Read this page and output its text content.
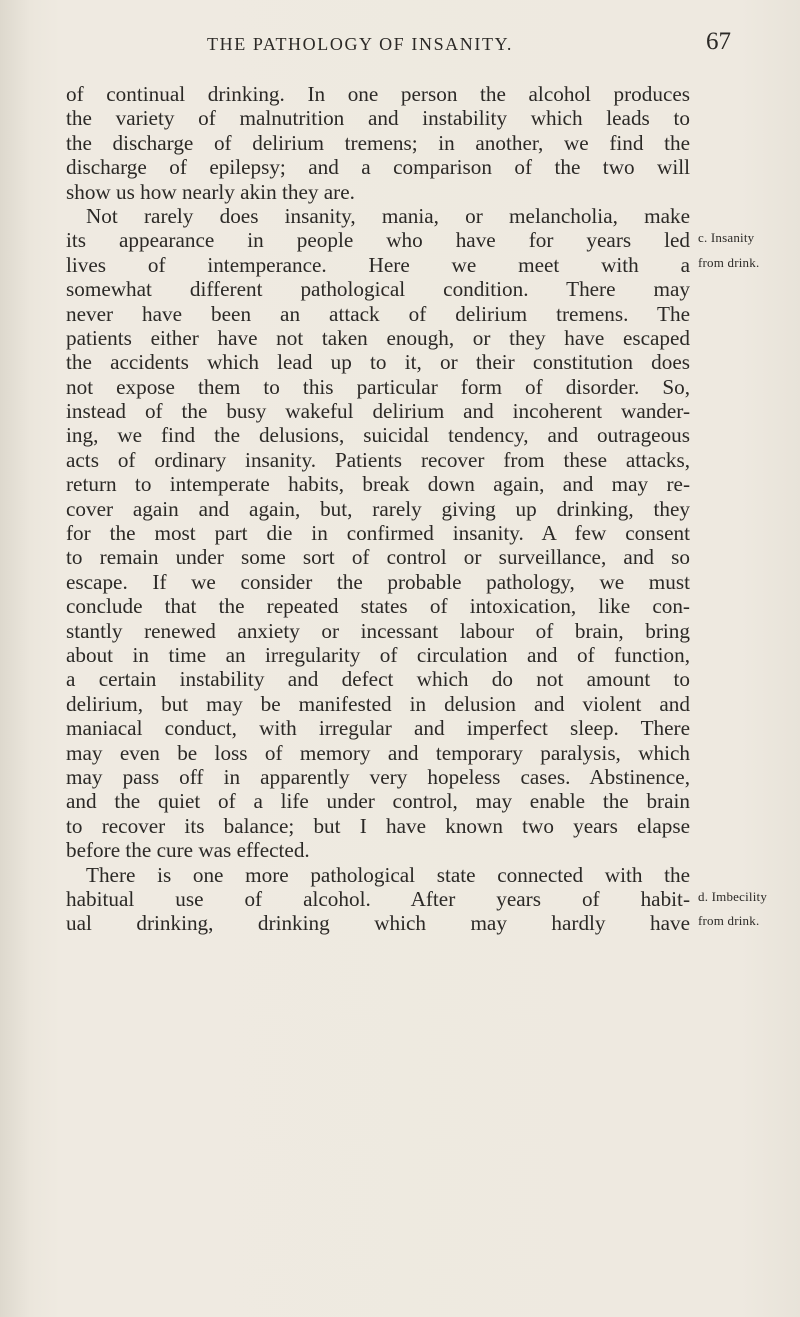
THE PATHOLOGY OF INSANITY.	67
of continual drinking. In one person the alcohol produces
the variety of malnutrition and instability which leads to
the discharge of delirium tremens; in another, we find the
discharge of epilepsy; and a comparison of the two will
show us how nearly akin they are.
Not rarely does insanity, mania, or melancholia, make
its appearance in people who have for years led c. Insanity
lives of intemperance. Here we meet with a from drink.
somewhat different pathological condition. There may
never have been an attack of delirium tremens. The
patients either have not taken enough, or they have escaped
the accidents which lead up to it, or their constitution does
not expose them to this particular form of disorder. So,
instead of the busy wakeful delirium and incoherent wander-
ing, we find the delusions, suicidal tendency, and outrageous
acts of ordinary insanity. Patients recover from these attacks,
return to intemperate habits, break down again, and may re-
cover again and again, but, rarely giving up drinking, they
for the most part die in confirmed insanity. A few consent
to remain under some sort of control or surveillance, and so
escape. If we consider the probable pathology, we must
conclude that the repeated states of intoxication, like con-
stantly renewed anxiety or incessant labour of brain, bring
about in time an irregularity of circulation and of function,
a certain instability and defect which do not amount to
delirium, but may be manifested in delusion and violent and
maniacal conduct, with irregular and imperfect sleep. There
may even be loss of memory and temporary paralysis, which
may pass off in apparently very hopeless cases. Abstinence,
and the quiet of a life under control, may enable the brain
to recover its balance; but I have known two years elapse
before the cure was effected.
There is one more pathological state connected with the
habitual use of alcohol. After years of habit- d. Imbecility
ual drinking, drinking which may hardly have from drink.
